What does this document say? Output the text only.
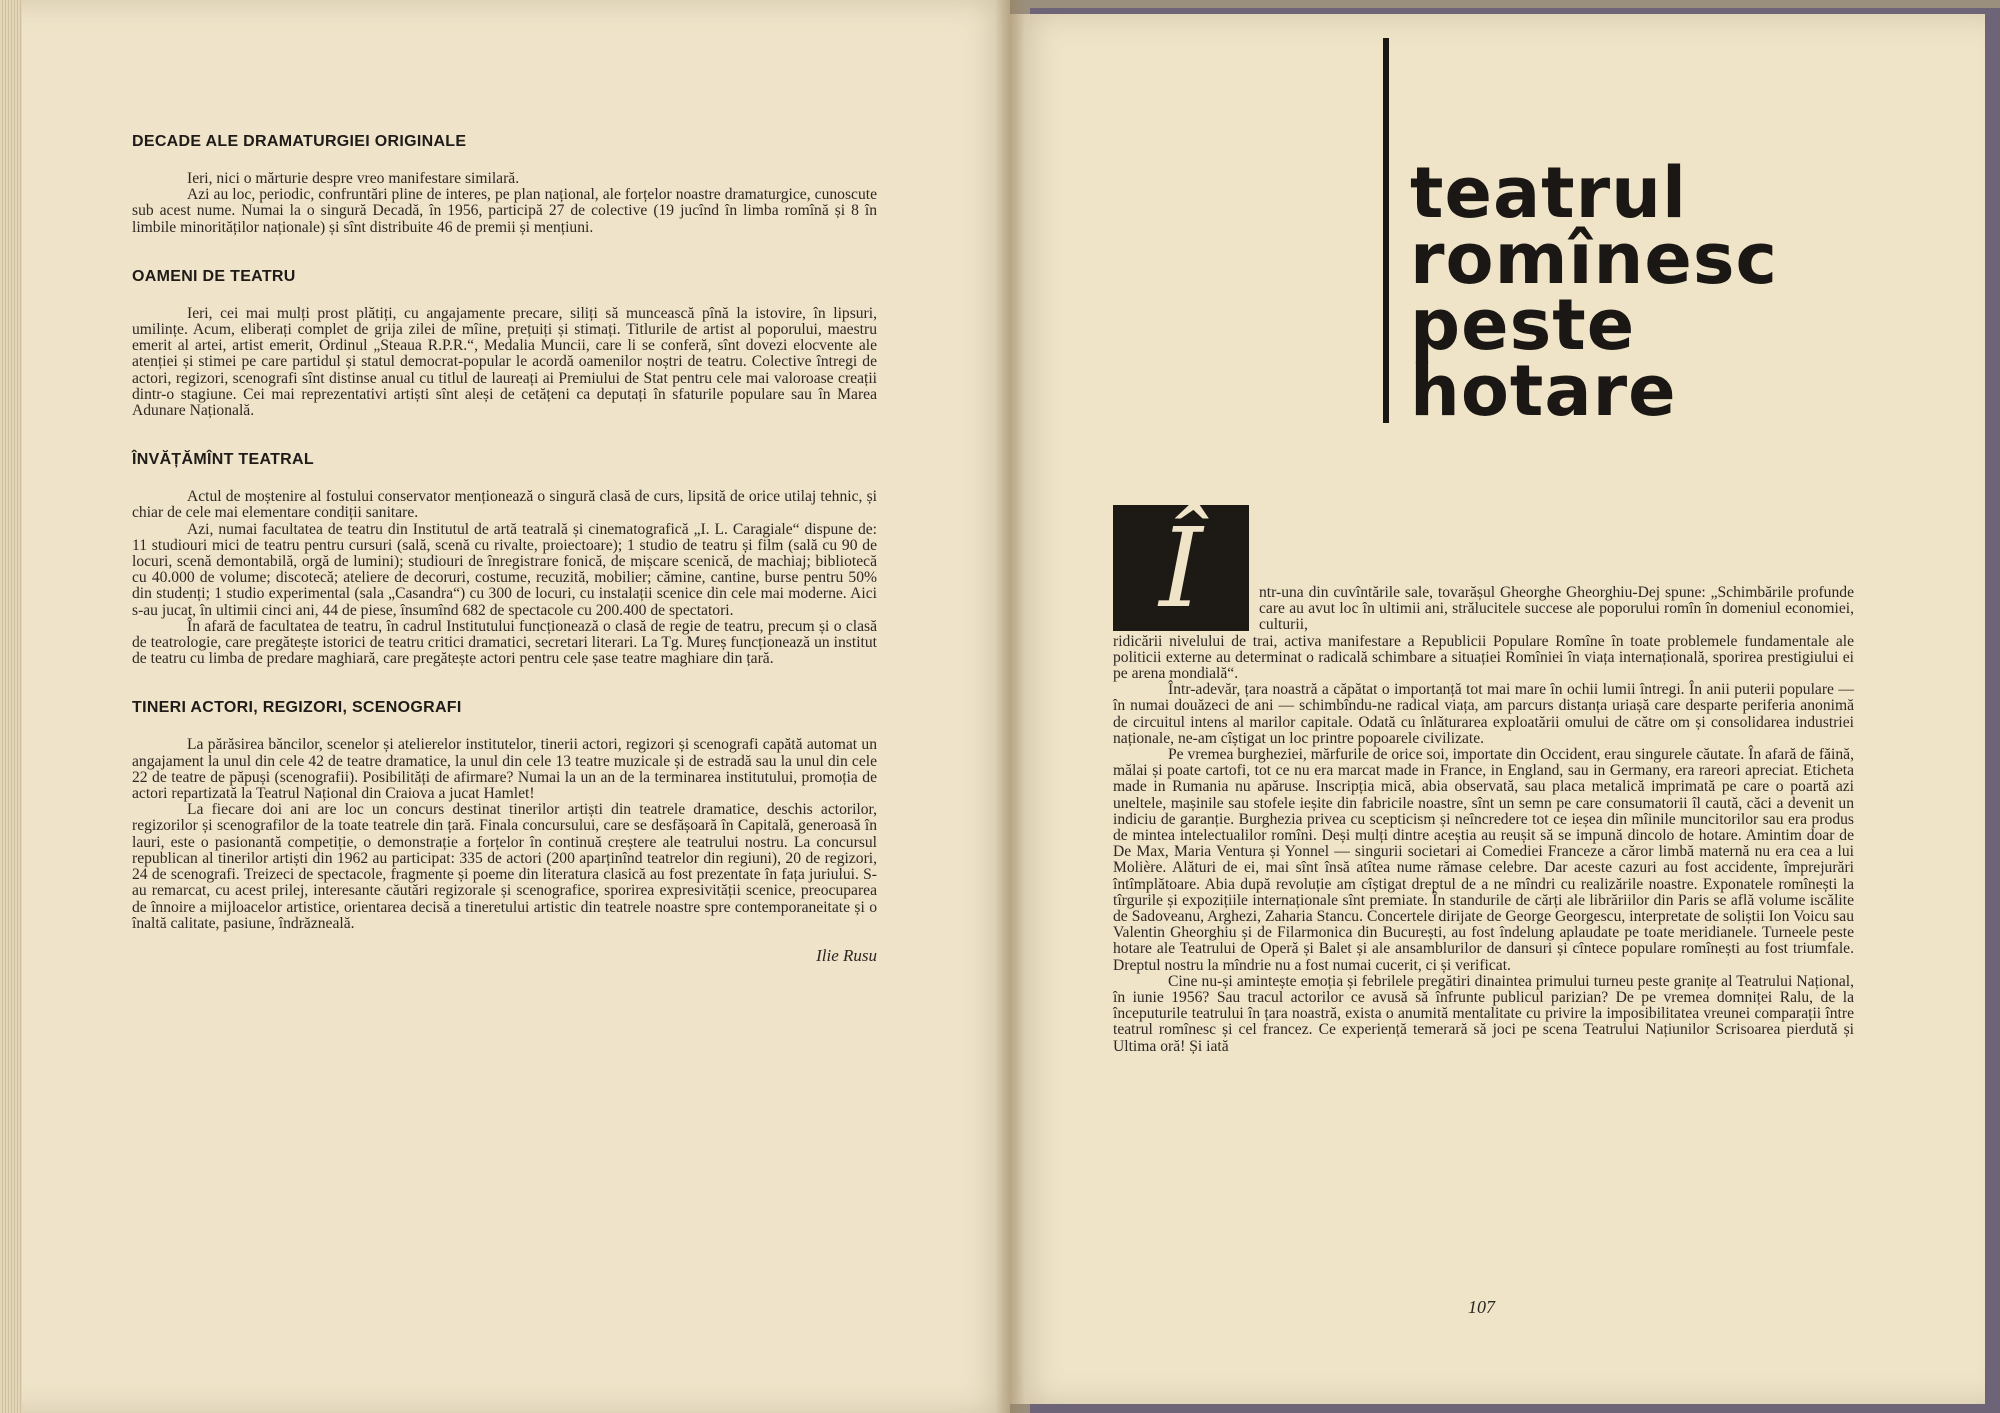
DECADE ALE DRAMATURGIEI ORIGINALE

Ieri, nici o mărturie despre vreo manifestare similară.

Azi au loc, periodic, confruntări pline de interes, pe plan național, ale forțelor noastre dramaturgice, cunoscute sub acest nume. Numai la o singură Decadă, în 1956, participă 27 de colective (19 jucînd în limba romînă și 8 în limbile minorităților naționale) și sînt distribuite 46 de premii și mențiuni.

OAMENI DE TEATRU

Ieri, cei mai mulți prost plătiți, cu angajamente precare, siliți să muncească pînă la istovire, în lipsuri, umilințe. Acum, eliberați complet de grija zilei de mîine, prețuiți și stimați. Titlurile de artist al poporului, maestru emerit al artei, artist emerit, Ordinul „Steaua R.P.R.“, Medalia Muncii, care li se conferă, sînt dovezi elocvente ale atenției și stimei pe care partidul și statul democrat-popular le acordă oamenilor noștri de teatru. Colective întregi de actori, regizori, scenografi sînt distinse anual cu titlul de laureați ai Premiului de Stat pentru cele mai valoroase creații dintr-o stagiune. Cei mai reprezentativi artiști sînt aleși de cetățeni ca deputați în sfaturile populare sau în Marea Adunare Națională.

ÎNVĂȚĂMÎNT TEATRAL

Actul de moștenire al fostului conservator menționează o singură clasă de curs, lipsită de orice utilaj tehnic, și chiar de cele mai elementare condiții sanitare.

Azi, numai facultatea de teatru din Institutul de artă teatrală și cinematografică „I. L. Caragiale“ dispune de: 11 studiouri mici de teatru pentru cursuri (sală, scenă cu rivalte, proiectoare); 1 studio de teatru și film (sală cu 90 de locuri, scenă demontabilă, orgă de lumini); studiouri de înregistrare fonică, de mișcare scenică, de machiaj; bibliotecă cu 40.000 de volume; discotecă; ateliere de decoruri, costume, recuzită, mobilier; cămine, cantine, burse pentru 50% din studenți; 1 studio experimental (sala „Casandra“) cu 300 de locuri, cu instalații scenice din cele mai moderne. Aici s-au jucat, în ultimii cinci ani, 44 de piese, însumînd 682 de spectacole cu 200.400 de spectatori.

În afară de facultatea de teatru, în cadrul Institutului funcționează o clasă de regie de teatru, precum și o clasă de teatrologie, care pregătește istorici de teatru critici dramatici, secretari literari. La Tg. Mureș funcționează un institut de teatru cu limba de predare maghiară, care pregătește actori pentru cele șase teatre maghiare din țară.

TINERI ACTORI, REGIZORI, SCENOGRAFI

La părăsirea băncilor, scenelor și atelierelor institutelor, tinerii actori, regizori și scenografi capătă automat un angajament la unul din cele 42 de teatre dramatice, la unul din cele 13 teatre muzicale și de estradă sau la unul din cele 22 de teatre de păpuși (scenografii). Posibilități de afirmare? Numai la un an de la terminarea institutului, promoția de actori repartizată la Teatrul Național din Craiova a jucat Hamlet!

La fiecare doi ani are loc un concurs destinat tinerilor artiști din teatrele dramatice, deschis actorilor, regizorilor și scenografilor de la toate teatrele din țară. Finala concursului, care se desfășoară în Capitală, generoasă în lauri, este o pasionantă competiție, o demonstrație a forțelor în continuă creștere ale teatrului nostru. La concursul republican al tinerilor artiști din 1962 au participat: 335 de actori (200 aparținînd teatrelor din regiuni), 20 de regizori, 24 de scenografi. Treizeci de spectacole, fragmente și poeme din literatura clasică au fost prezentate în fața juriului. S-au remarcat, cu acest prilej, interesante căutări regizorale și scenografice, sporirea expresivității scenice, preocuparea de înnoire a mijloacelor artistice, orientarea decisă a tineretului artistic din teatrele noastre spre contemporaneitate și o înaltă calitate, pasiune, îndrăzneală.

Ilie Rusu
teatrul
romînesc
peste
hotare
Î	ntr-una din cuvîntările sale, tovarășul Gheorghe Gheorghiu-Dej spune: „Schimbările profunde care au avut loc în ultimii ani, strălucitele succese ale poporului romîn în domeniul economiei, culturii,

ridicării nivelului de trai, activa manifestare a Republicii Populare Romîne în toate problemele fundamentale ale politicii externe au determinat o radicală schimbare a situației Romîniei în viața internațională, sporirea prestigiului ei pe arena mondială“.

Într-adevăr, țara noastră a căpătat o importanță tot mai mare în ochii lumii întregi. În anii puterii populare — în numai douăzeci de ani — schimbîndu-ne radical viața, am parcurs distanța uriașă care desparte periferia anonimă de circuitul intens al marilor capitale. Odată cu înlăturarea exploatării omului de către om și consolidarea industriei naționale, ne-am cîștigat un loc printre popoarele civilizate.

Pe vremea burgheziei, mărfurile de orice soi, importate din Occident, erau singurele căutate. În afară de făină, mălai și poate cartofi, tot ce nu era marcat made in France, in England, sau in Germany, era rareori apreciat. Eticheta made in Rumania nu apăruse. Inscripția mică, abia observată, sau placa metalică imprimată pe care o poartă azi uneltele, mașinile sau stofele ieșite din fabricile noastre, sînt un semn pe care consumatorii îl caută, căci a devenit un indiciu de garanție. Burghezia privea cu scepticism și neîncredere tot ce ieșea din mîinile muncitorilor sau era produs de mintea intelectualilor romîni. Deși mulți dintre aceștia au reușit să se impună dincolo de hotare. Amintim doar de De Max, Maria Ventura și Yonnel — singurii societari ai Comediei Franceze a căror limbă maternă nu era cea a lui Molière. Alături de ei, mai sînt însă atîtea nume rămase celebre. Dar aceste cazuri au fost accidente, împrejurări întîmplătoare. Abia după revoluție am cîștigat dreptul de a ne mîndri cu realizările noastre. Exponatele romînești la tîrgurile și expozițiile internaționale sînt premiate. În standurile de cărți ale librăriilor din Paris se află volume iscălite de Sadoveanu, Arghezi, Zaharia Stancu. Concertele dirijate de George Georgescu, interpretate de soliștii Ion Voicu sau Valentin Gheorghiu și de Filarmonica din București, au fost îndelung aplaudate pe toate meridianele. Turneele peste hotare ale Teatrului de Operă și Balet și ale ansamblurilor de dansuri și cîntece populare romînești au fost triumfale. Dreptul nostru la mîndrie nu a fost numai cucerit, ci și verificat.

Cine nu-și amintește emoția și febrilele pregătiri dinaintea primului turneu peste granițe al Teatrului Național, în iunie 1956? Sau tracul actorilor ce avusă să înfrunte publicul parizian? De pe vremea domniței Ralu, de la începuturile teatrului în țara noastră, exista o anumită mentalitate cu privire la imposibilitatea vreunei comparații între teatrul romînesc și cel francez. Ce experiență temerară să joci pe scena Teatrului Națiunilor Scrisoarea pierdută și Ultima oră! Și iată

107
